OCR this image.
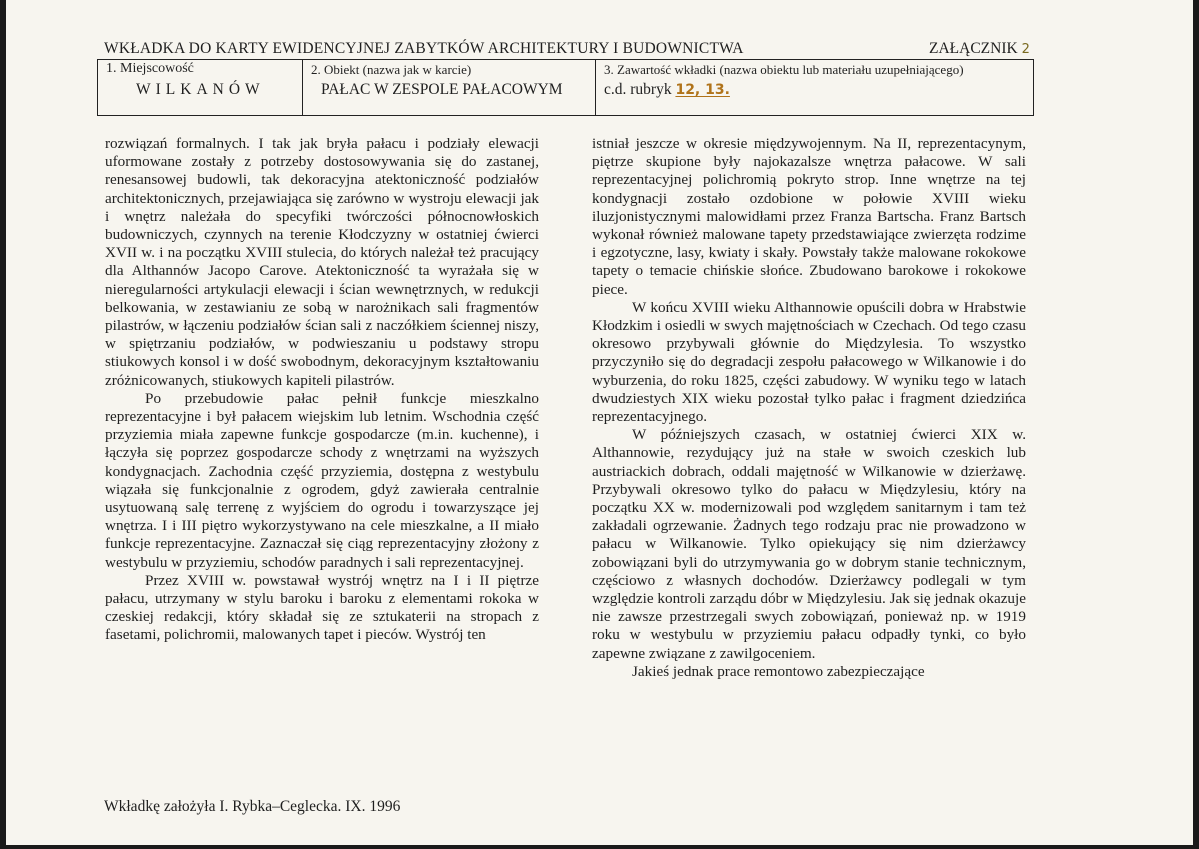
WKŁADKA DO KARTY EWIDENCYJNEJ ZABYTKÓW ARCHITEKTURY I BUDOWNICTWA	ZAŁĄCZNIK 2
1. Miejscowość
WILKANÓW
2. Obiekt (nazwa jak w karcie)
PAŁAC W ZESPOLE PAŁACOWYM
3. Zawartość wkładki (nazwa obiektu lub materiału uzupełniającego)
c.d. rubryk 12, 13.

rozwiązań formalnych. I tak jak bryła pałacu i podziały elewacji uformowane zostały z potrzeby dostosowywania się do zastanej, renesansowej budowli, tak dekoracyjna atektoniczność podziałów architektonicznych, przejawiająca się zarówno w wystroju elewacji jak i wnętrz należała do specyfiki twórczości północnowłoskich budowniczych, czynnych na terenie Kłodczyzny w ostatniej ćwierci XVII w. i na początku XVIII stulecia, do których należał też pracujący dla Althannów Jacopo Carove. Atektoniczność ta wyrażała się w nieregularności artykulacji elewacji i ścian wewnętrznych, w redukcji belkowania, w zestawianiu ze sobą w narożnikach sali fragmentów pilastrów, w łączeniu podziałów ścian sali z naczółkiem ściennej niszy, w spiętrzaniu podziałów, w podwieszaniu u podstawy stropu stiukowych konsol i w dość swobodnym, dekoracyjnym kształtowaniu zróżnicowanych, stiukowych kapiteli pilastrów.

Po przebudowie pałac pełnił funkcje mieszkalno reprezentacyjne i był pałacem wiejskim lub letnim. Wschodnia część przyziemia miała zapewne funkcje gospodarcze (m.in. kuchenne), i łączyła się poprzez gospodarcze schody z wnętrzami na wyższych kondygnacjach. Zachodnia część przyziemia, dostępna z westybulu wiązała się funkcjonalnie z ogrodem, gdyż zawierała centralnie usytuowaną salę terrenę z wyjściem do ogrodu i towarzyszące jej wnętrza. I i III piętro wykorzystywano na cele mieszkalne, a II miało funkcje reprezentacyjne. Zaznaczał się ciąg reprezentacyjny złożony z westybulu w przyziemiu, schodów paradnych i sali reprezentacyjnej.

Przez XVIII w. powstawał wystrój wnętrz na I i II piętrze pałacu, utrzymany w stylu baroku i baroku z elementami rokoka w czeskiej redakcji, który składał się ze sztukaterii na stropach z fasetami, polichromii, malowanych tapet i pieców. Wystrój ten

istniał jeszcze w okresie międzywojennym. Na II, reprezentacynym, piętrze skupione były najokazalsze wnętrza pałacowe. W sali reprezentacyjnej polichromią pokryto strop. Inne wnętrze na tej kondygnacji zostało ozdobione w połowie XVIII wieku iluzjonistycznymi malowidłami przez Franza Bartscha. Franz Bartsch wykonał również malowane tapety przedstawiające zwierzęta rodzime i egzotyczne, lasy, kwiaty i skały. Powstały także malowane rokokowe tapety o temacie chińskie słońce. Zbudowano barokowe i rokokowe piece.

W końcu XVIII wieku Althannowie opuścili dobra w Hrabstwie Kłodzkim i osiedli w swych majętnościach w Czechach. Od tego czasu okresowo przybywali głównie do Międzylesia. To wszystko przyczyniło się do degradacji zespołu pałacowego w Wilkanowie i do wyburzenia, do roku 1825, części zabudowy. W wyniku tego w latach dwudziestych XIX wieku pozostał tylko pałac i fragment dziedzińca reprezentacyjnego.

W późniejszych czasach, w ostatniej ćwierci XIX w. Althannowie, rezydujący już na stałe w swoich czeskich lub austriackich dobrach, oddali majętność w Wilkanowie w dzierżawę. Przybywali okresowo tylko do pałacu w Międzylesiu, który na początku XX w. modernizowali pod względem sanitarnym i tam też zakładali ogrzewanie. Żadnych tego rodzaju prac nie prowadzono w pałacu w Wilkanowie. Tylko opiekujący się nim dzierżawcy zobowiązani byli do utrzymywania go w dobrym stanie technicznym, częściowo z własnych dochodów. Dzierżawcy podlegali w tym względzie kontroli zarządu dóbr w Międzylesiu. Jak się jednak okazuje nie zawsze przestrzegali swych zobowiązań, ponieważ np. w 1919 roku w westybulu w przyziemiu pałacu odpadły tynki, co było zapewne związane z zawilgoceniem.

Jakieś jednak prace remontowo zabezpieczające

Wkładkę założyła I. Rybka–Ceglecka. IX. 1996
